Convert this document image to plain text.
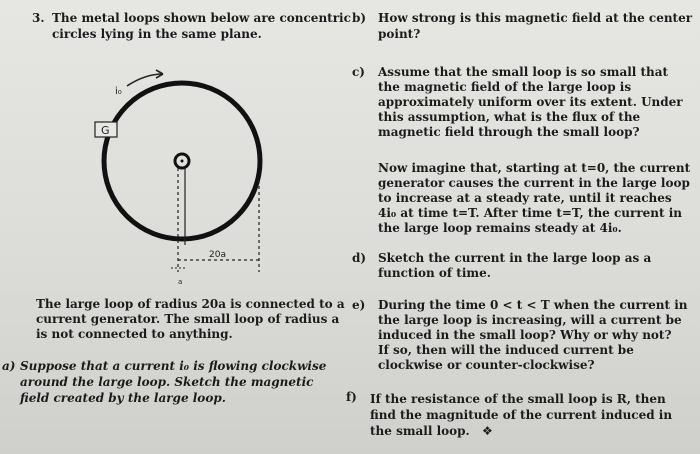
3. The metal loops shown below are concentric

circles lying in the same plane.

i₀
G
20a
a

The large loop of radius 20a is connected to a

current generator. The small loop of radius a

is not connected to anything.

a) Suppose that a current i₀ is flowing clockwise

around the large loop. Sketch the magnetic

field created by the large loop.

b) How strong is this magnetic field at the center

point?

c) Assume that the small loop is so small that

the magnetic field of the large loop is

approximately uniform over its extent. Under

this assumption, what is the flux of the

magnetic field through the small loop?

Now imagine that, starting at t=0, the current

generator causes the current in the large loop

to increase at a steady rate, until it reaches

4i₀ at time t=T. After time t=T, the current in

the large loop remains steady at 4i₀.

d) Sketch the current in the large loop as a

function of time.

e) During the time 0 < t < T when the current in

the large loop is increasing, will a current be

induced in the small loop? Why or why not?

If so, then will the induced current be

clockwise or counter-clockwise?

f) If the resistance of the small loop is R, then

find the magnitude of the current induced in

the small loop. ❖
